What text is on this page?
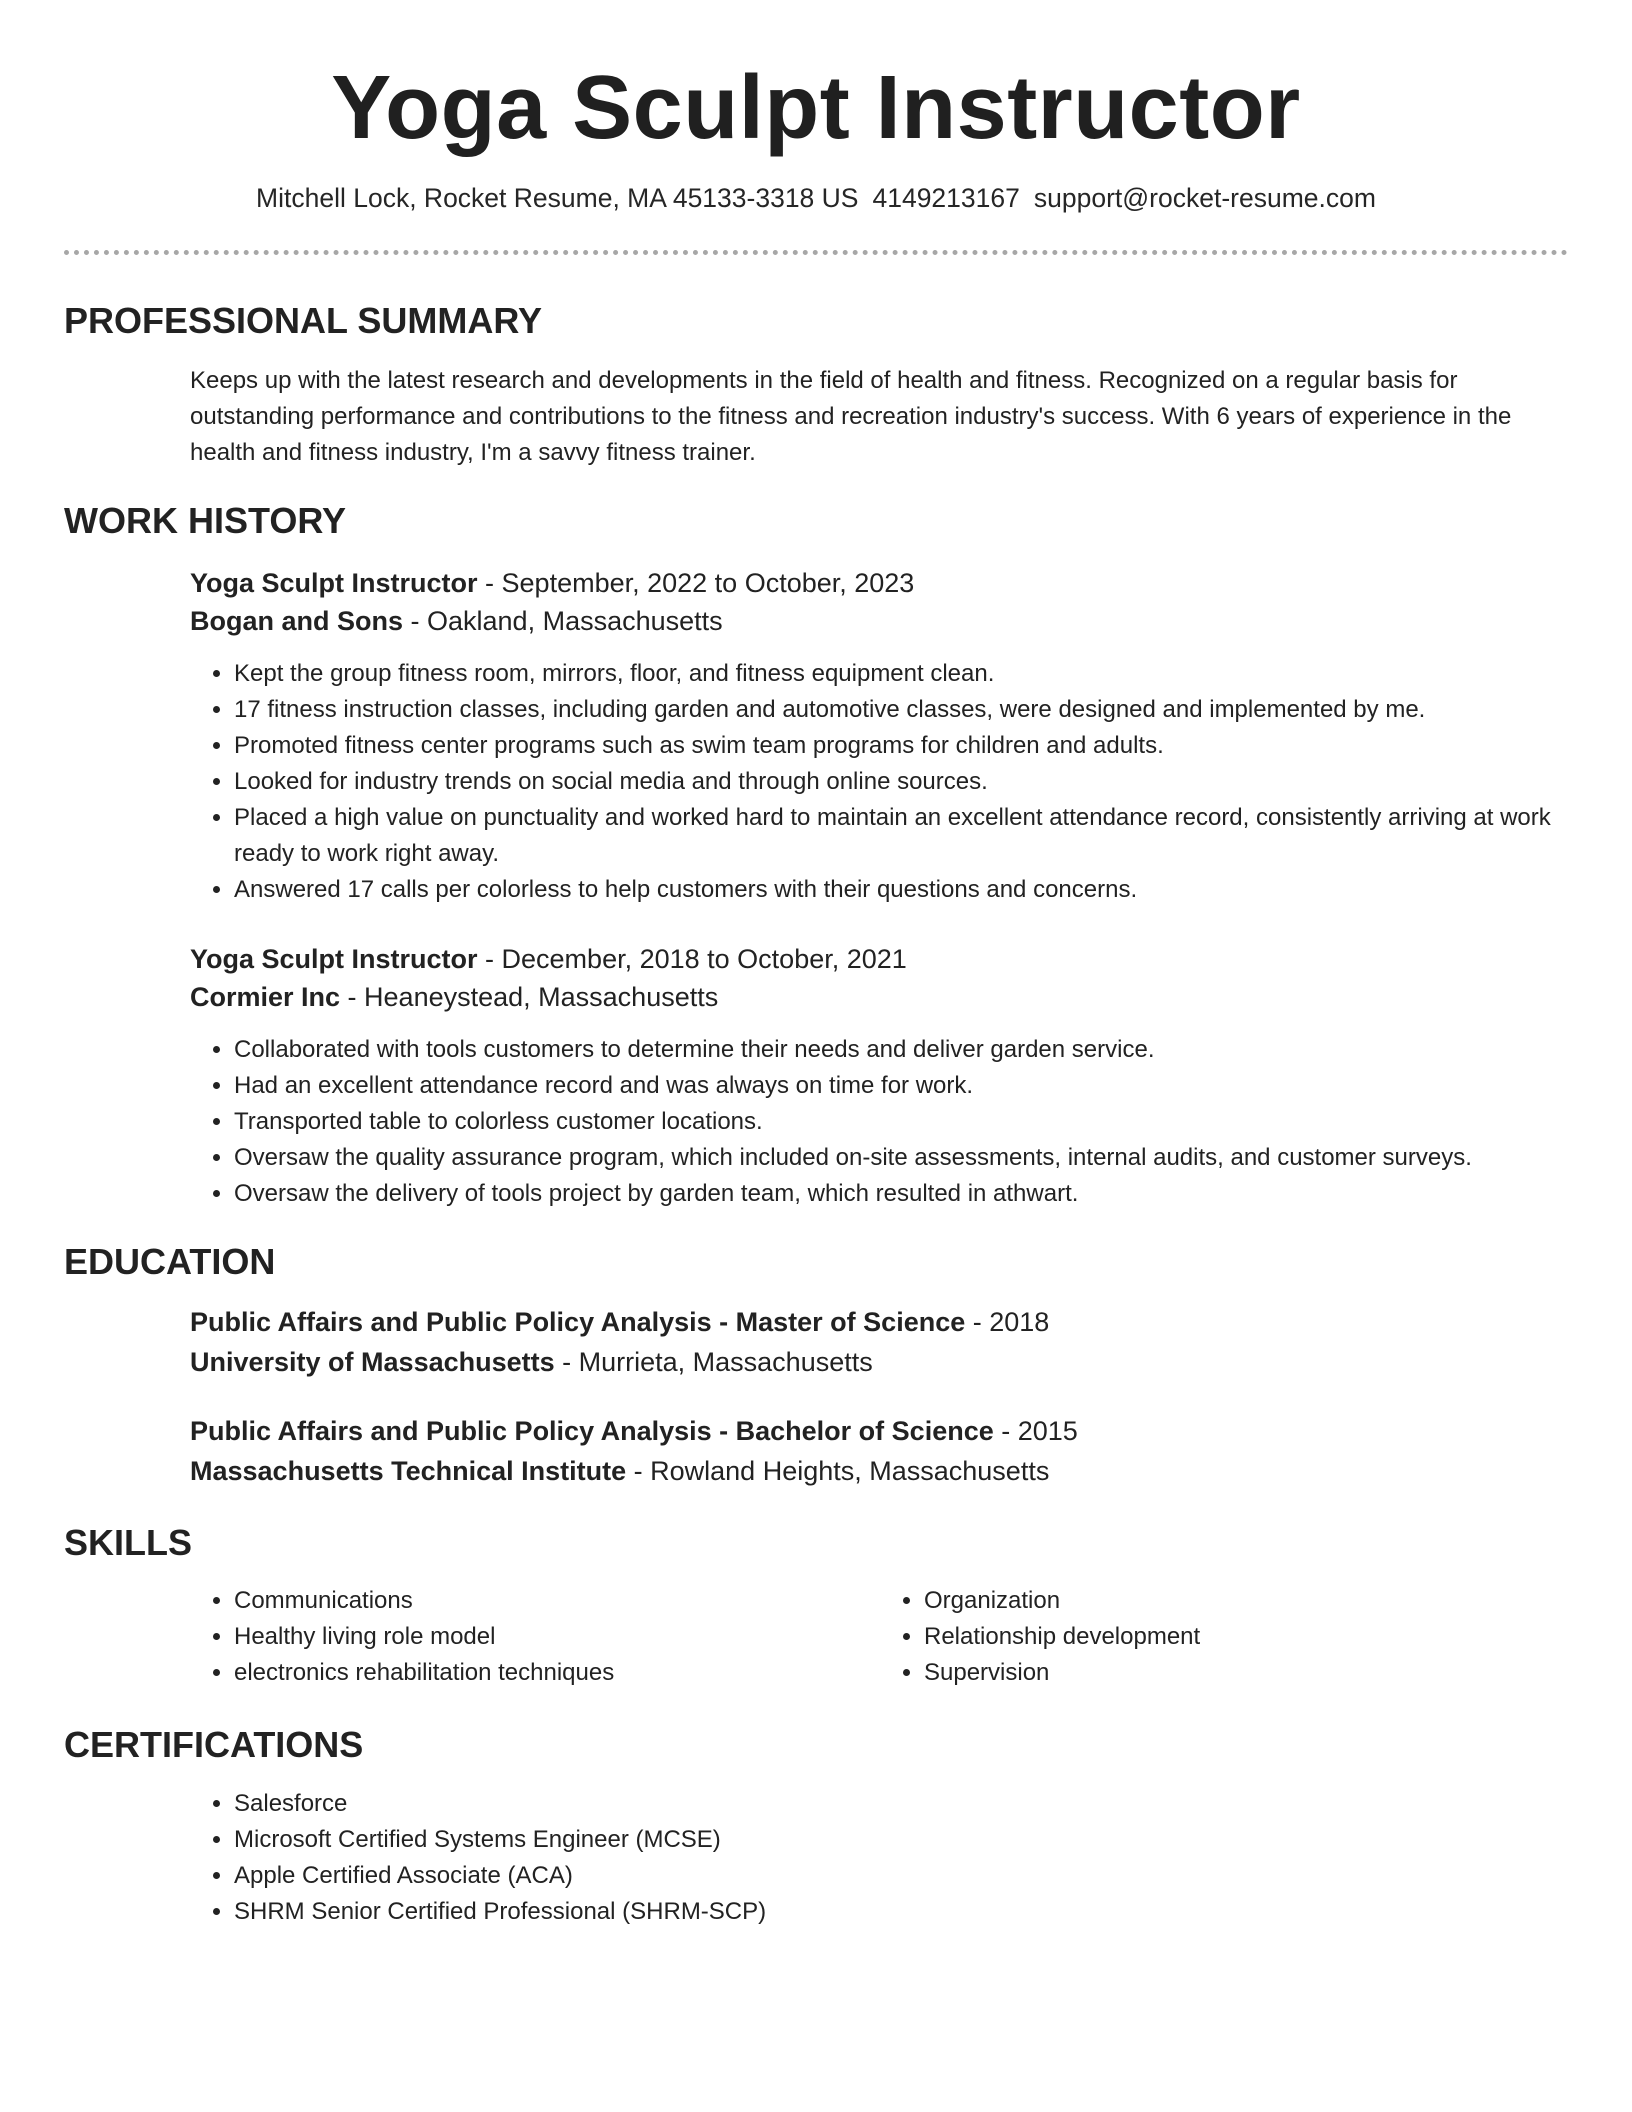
Yoga Sculpt Instructor
Mitchell Lock, Rocket Resume, MA 45133-3318 US 4149213167 support@rocket-resume.com
PROFESSIONAL SUMMARY
Keeps up with the latest research and developments in the field of health and fitness. Recognized on a regular basis for outstanding performance and contributions to the fitness and recreation industry's success. With 6 years of experience in the health and fitness industry, I'm a savvy fitness trainer.
WORK HISTORY
Yoga Sculpt Instructor - September, 2022 to October, 2023
Bogan and Sons - Oakland, Massachusetts
• Kept the group fitness room, mirrors, floor, and fitness equipment clean.
• 17 fitness instruction classes, including garden and automotive classes, were designed and implemented by me.
• Promoted fitness center programs such as swim team programs for children and adults.
• Looked for industry trends on social media and through online sources.
• Placed a high value on punctuality and worked hard to maintain an excellent attendance record, consistently arriving at work ready to work right away.
• Answered 17 calls per colorless to help customers with their questions and concerns.
Yoga Sculpt Instructor - December, 2018 to October, 2021
Cormier Inc - Heaneystead, Massachusetts
• Collaborated with tools customers to determine their needs and deliver garden service.
• Had an excellent attendance record and was always on time for work.
• Transported table to colorless customer locations.
• Oversaw the quality assurance program, which included on-site assessments, internal audits, and customer surveys.
• Oversaw the delivery of tools project by garden team, which resulted in athwart.
EDUCATION
Public Affairs and Public Policy Analysis - Master of Science - 2018
University of Massachusetts - Murrieta, Massachusetts
Public Affairs and Public Policy Analysis - Bachelor of Science - 2015
Massachusetts Technical Institute - Rowland Heights, Massachusetts
SKILLS
• Communications
• Healthy living role model
• electronics rehabilitation techniques
• Organization
• Relationship development
• Supervision
CERTIFICATIONS
• Salesforce
• Microsoft Certified Systems Engineer (MCSE)
• Apple Certified Associate (ACA)
• SHRM Senior Certified Professional (SHRM-SCP)
